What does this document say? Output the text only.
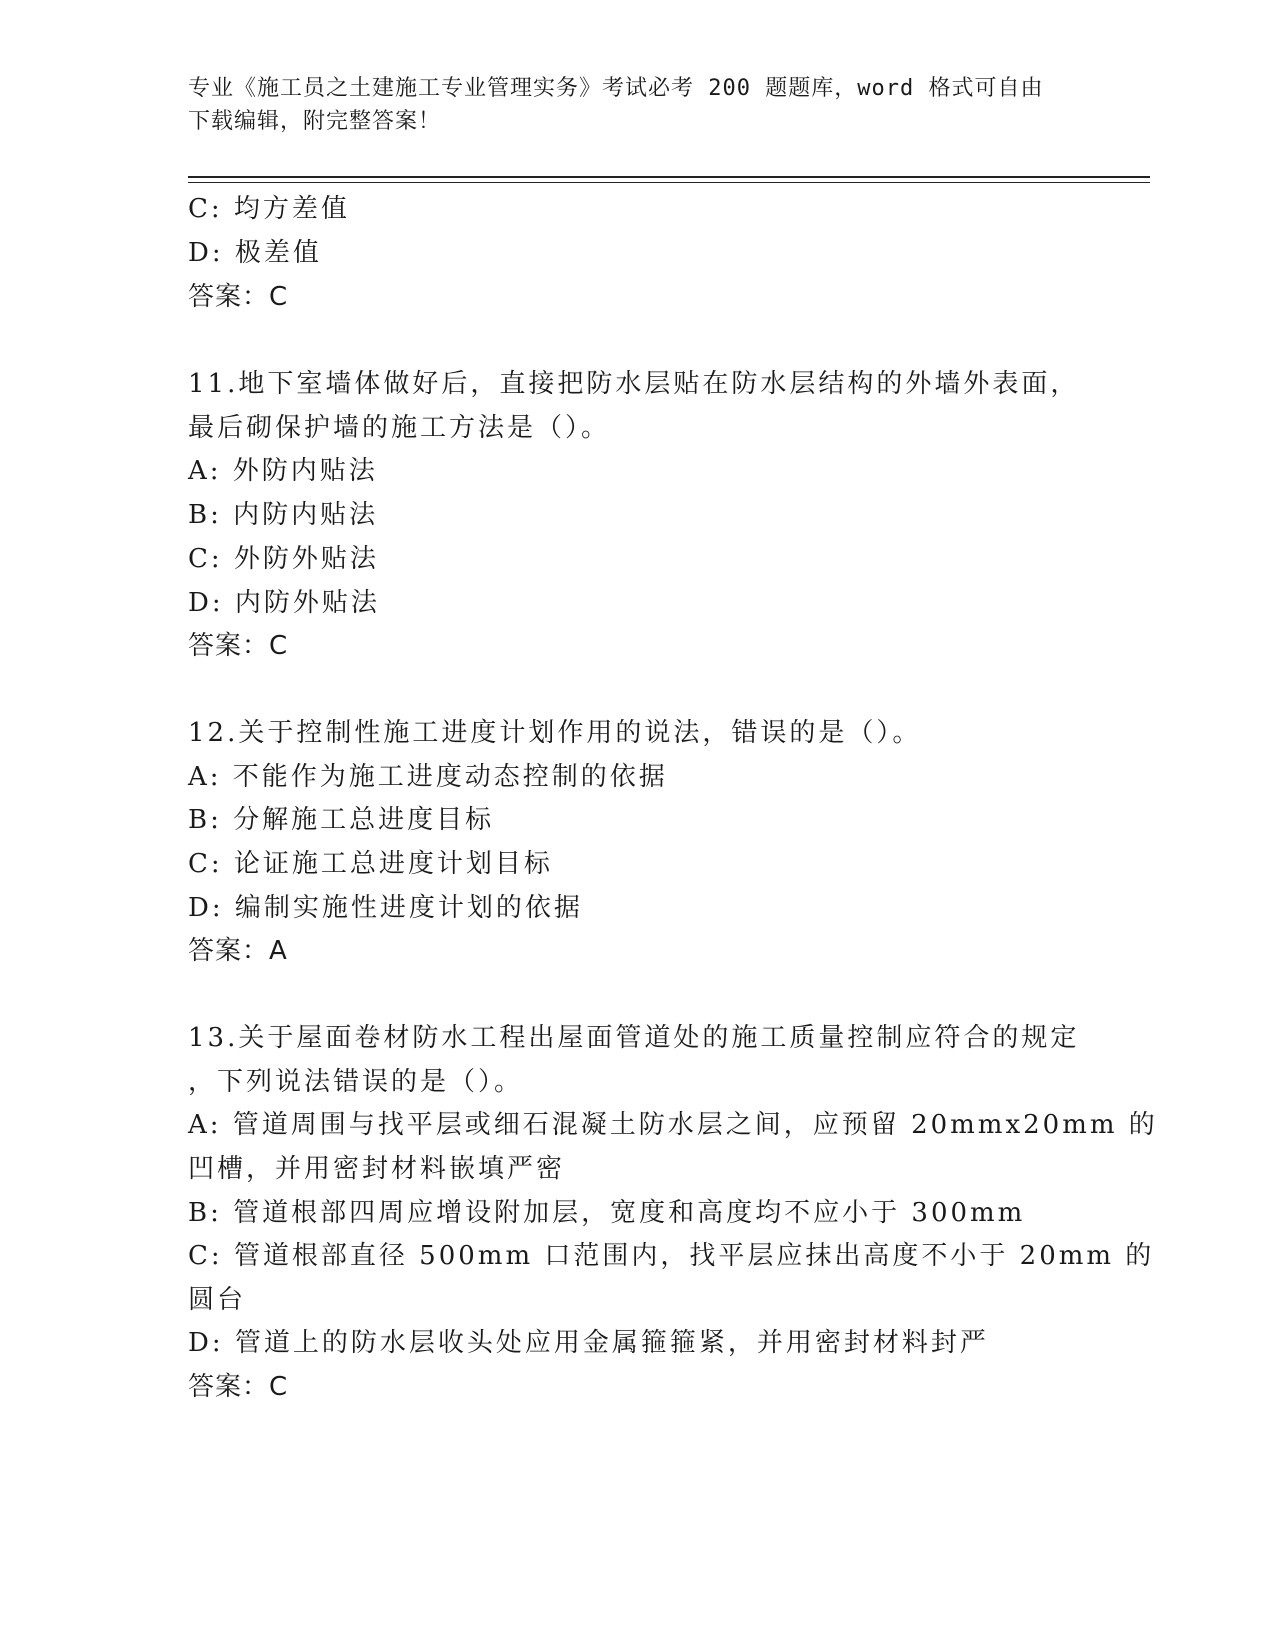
专业《施工员之土建施工专业管理实务》考试必考 200 题题库，word 格式可自由
下载编辑，附完整答案！
C: 均方差值
D: 极差值
答案：C
11.地下室墙体做好后，直接把防水层贴在防水层结构的外墙外表面，
最后砌保护墙的施工方法是（）。
A: 外防内贴法
B: 内防内贴法
C: 外防外贴法
D: 内防外贴法
答案：C
12.关于控制性施工进度计划作用的说法，错误的是（）。
A: 不能作为施工进度动态控制的依据
B: 分解施工总进度目标
C: 论证施工总进度计划目标
D: 编制实施性进度计划的依据
答案：A
13.关于屋面卷材防水工程出屋面管道处的施工质量控制应符合的规定
，下列说法错误的是（）。
A: 管道周围与找平层或细石混凝土防水层之间，应预留 20mmx20mm 的
凹槽，并用密封材料嵌填严密
B: 管道根部四周应增设附加层，宽度和高度均不应小于 300mm
C: 管道根部直径 500mm 口范围内，找平层应抹出高度不小于 20mm 的
圆台
D: 管道上的防水层收头处应用金属箍箍紧，并用密封材料封严
答案：C
